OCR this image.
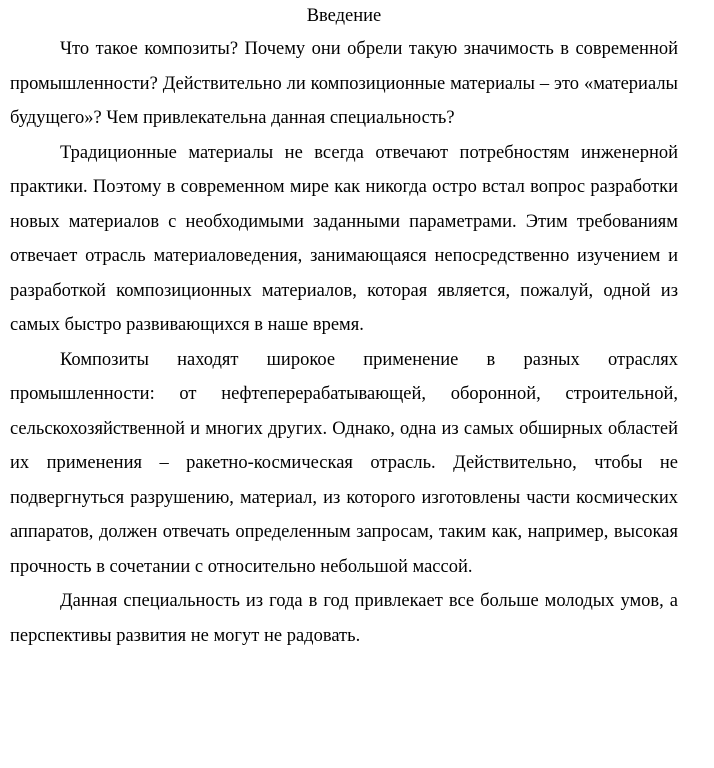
Введение

Что такое композиты? Почему они обрели такую значимость в современной промышленности? Действительно ли композиционные материалы – это «материалы будущего»? Чем привлекательна данная специальность?

Традиционные материалы не всегда отвечают потребностям инженерной практики. Поэтому в современном мире как никогда остро встал вопрос разработки новых материалов с необходимыми заданными параметрами. Этим требованиям отвечает отрасль материаловедения, занимающаяся непосредственно изучением и разработкой композиционных материалов, которая является, пожалуй, одной из самых быстро развивающихся в наше время.

Композиты находят широкое применение в разных отраслях промышленности: от нефтеперерабатывающей, оборонной, строительной, сельскохозяйственной и многих других. Однако, одна из самых обширных областей их применения – ракетно-космическая отрасль. Действительно, чтобы не подвергнуться разрушению, материал, из которого изготовлены части космических аппаратов, должен отвечать определенным запросам, таким как, например, высокая прочность в сочетании с относительно небольшой массой.

Данная специальность из года в год привлекает все больше молодых умов, а перспективы развития не могут не радовать.
